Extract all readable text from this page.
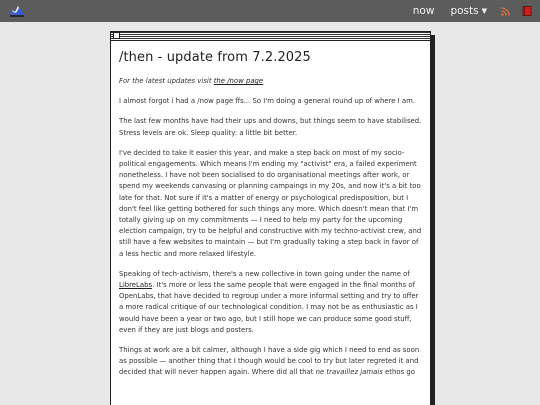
now posts ▼
/then - update from 7.2.2025

For the latest updates visit the /now page

I almost forgot i had a /now page ffs... So I'm doing a general round up of where I am.

The last few months have had their ups and downs, but things seem to have stabilised. Stress levels are ok. Sleep quality: a little bit better.

I've decided to take it easier this year, and make a step back on most of my socio-political engagements. Which means I'm ending my "activist" era, a failed experiment nonetheless. I have not been socialised to do organisational meetings after work, or spend my weekends canvasing or planning campaings in my 20s, and now it's a bit too late for that. Not sure if it's a matter of energy or psychological predisposition, but I don't feel like getting bothered for such things any more. Which doesn't mean that I'm totally giving up on my commitments — I need to help my party for the upcoming election campaign, try to be helpful and constructive with my techno-activist crew, and still have a few websites to maintain — but I'm gradually taking a step back in favor of a less hectic and more relaxed lifestyle.

Speaking of tech-activism, there's a new collective in town going under the name of LibreLabs. It's more or less the same people that were engaged in the final months of OpenLabs, that have decided to regroup under a more informal setting and try to offer a more radical critique of our technological condition. I may not be as enthusiastic as I would have been a year or two ago, but I still hope we can produce some good stuff, even if they are just blogs and posters.

Things at work are a bit calmer, although I have a side gig which I need to end as soon as possible — another thing that I though would be cool to try but later regreted it and decided that will never happen again. Where did all that ne travaillez jamais ethos go
